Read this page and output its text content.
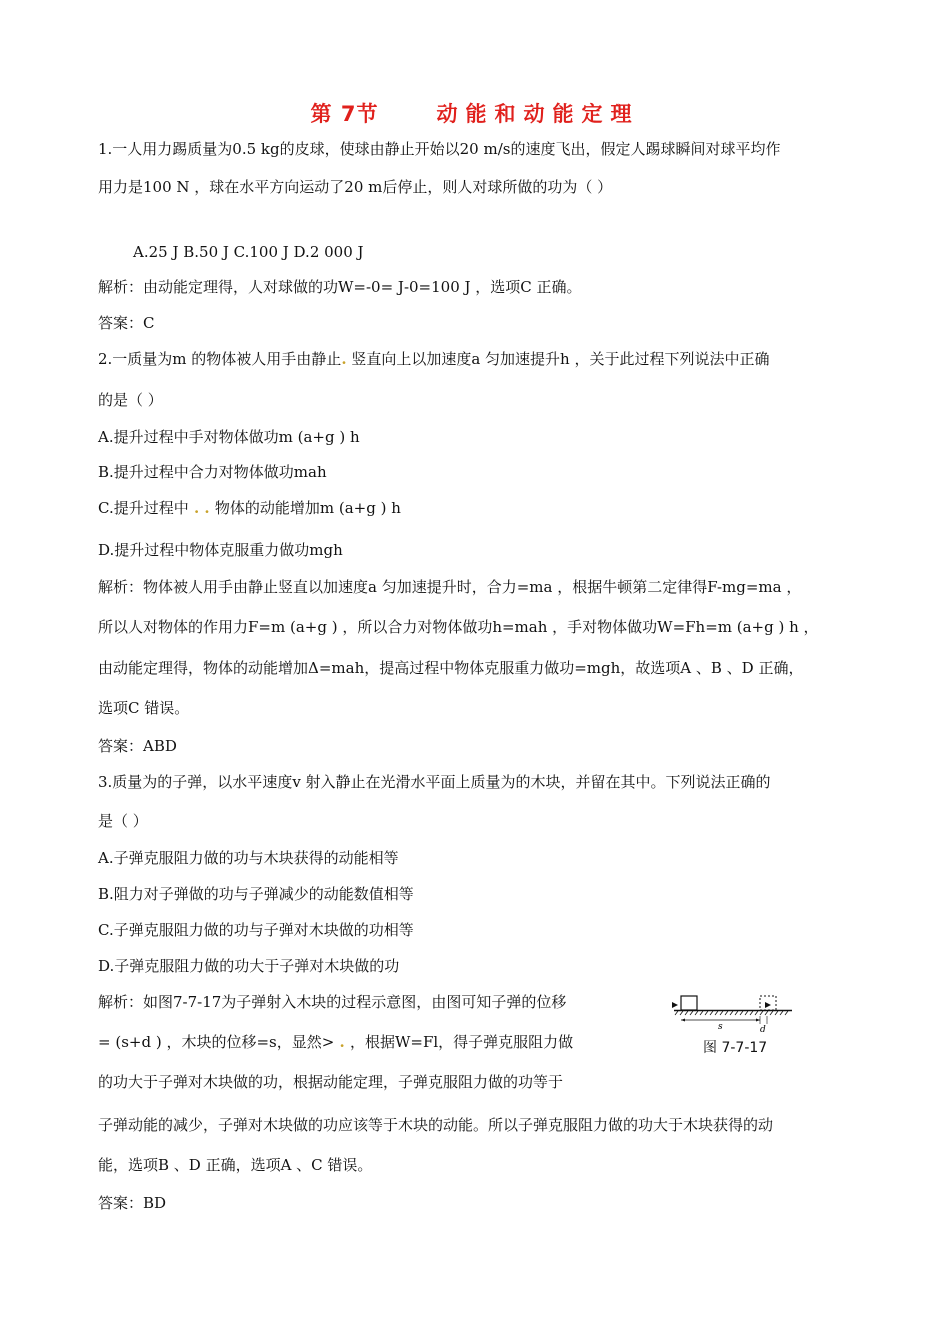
第 7节	动能和动能定理
1.一人用力踢质量为0.5 kg的皮球，使球由静止开始以20 m/s的速度飞出，假定人踢球瞬间对球平均作
用力是100 N ，球在水平方向运动了20 m后停止，则人对球所做的功为（ ）
A.25 J B.50 J C.100 J D.2 000 J
解析：由动能定理得，人对球做的功W=-0= J-0=100 J ，选项C 正确。
答案：C
2.一质量为m 的物体被人用手由静止. 竖直向上以加速度a 匀加速提升h ，关于此过程下列说法中正确
的是（ ）
A.提升过程中手对物体做功m (a+g ) h
B.提升过程中合力对物体做功mah
C.提升过程中 . . 物体的动能增加m (a+g ) h
D.提升过程中物体克服重力做功mgh
解析：物体被人用手由静止竖直以加速度a 匀加速提升时，合力=ma ，根据牛顿第二定律得F-mg=ma ，
所以人对物体的作用力F=m (a+g ) ，所以合力对物体做功h=mah ，手对物体做功W=Fh=m (a+g ) h ，
由动能定理得，物体的动能增加Δ=mah，提高过程中物体克服重力做功=mgh，故选项A 、B 、D 正确，
选项C 错误。
答案：ABD
3.质量为的子弹，以水平速度v 射入静止在光滑水平面上质量为的木块，并留在其中。下列说法正确的
是（ ）
A.子弹克服阻力做的功与木块获得的动能相等
B.阻力对子弹做的功与子弹减少的动能数值相等
C.子弹克服阻力做的功与子弹对木块做的功相等
D.子弹克服阻力做的功大于子弹对木块做的功
解析：如图7-7-17为子弹射入木块的过程示意图，由图可知子弹的位移
= (s+d ) ，木块的位移=s，显然> . ，根据W=Fl，得子弹克服阻力做
的功大于子弹对木块做的功，根据动能定理，子弹克服阻力做的功等于
子弹动能的减少，子弹对木块做的功应该等于木块的动能。所以子弹克服阻力做的功大于木块获得的动
能，选项B 、D 正确，选项A 、C 错误。
答案：BD
s	d
图 7-7-17
